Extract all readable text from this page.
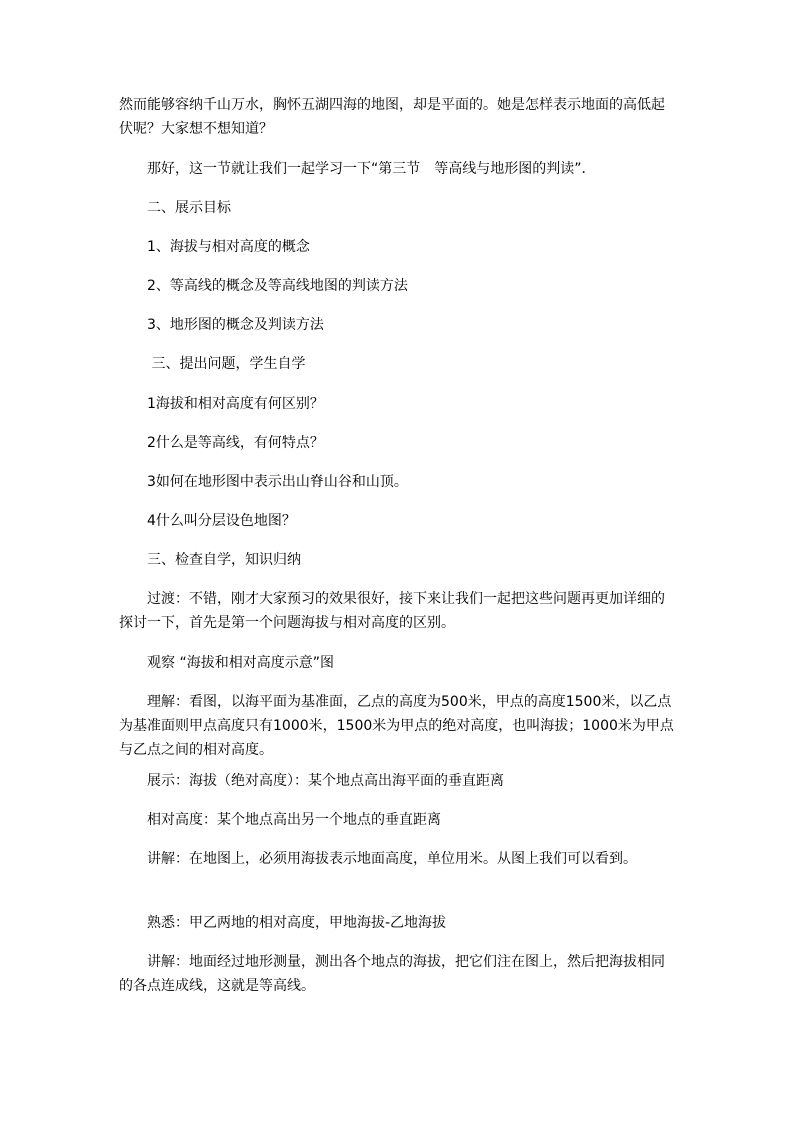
然而能够容纳千山万水，胸怀五湖四海的地图，却是平面的。她是怎样表示地面的高低起伏呢？大家想不想知道？

　　那好，这一节就让我们一起学习一下“第三节　等高线与地形图的判读”．

　　二、展示目标

　　1、海拔与相对高度的概念

　　2、等高线的概念及等高线地图的判读方法

　　3、地形图的概念及判读方法

　　 三、提出问题，学生自学

　　1海拔和相对高度有何区别？

　　2什么是等高线，有何特点？

　　3如何在地形图中表示出山脊山谷和山顶。

　　4什么叫分层设色地图？

　　三、检查自学，知识归纳

　　过渡：不错，刚才大家预习的效果很好，接下来让我们一起把这些问题再更加详细的探讨一下，首先是第一个问题海拔与相对高度的区别。

　　观察 “海拔和相对高度示意”图

　　理解：看图，以海平面为基准面，乙点的高度为500米，甲点的高度1500米，以乙点为基准面则甲点高度只有1000米，1500米为甲点的绝对高度，也叫海拔；1000米为甲点与乙点之间的相对高度。

　　展示：海拔（绝对高度）：某个地点高出海平面的垂直距离

　　相对高度：某个地点高出另一个地点的垂直距离

　　讲解：在地图上，必须用海拔表示地面高度，单位用米。从图上我们可以看到。

　　熟悉：甲乙两地的相对高度，甲地海拔-乙地海拔

　　讲解：地面经过地形测量，测出各个地点的海拔，把它们注在图上，然后把海拔相同的各点连成线，这就是等高线。
